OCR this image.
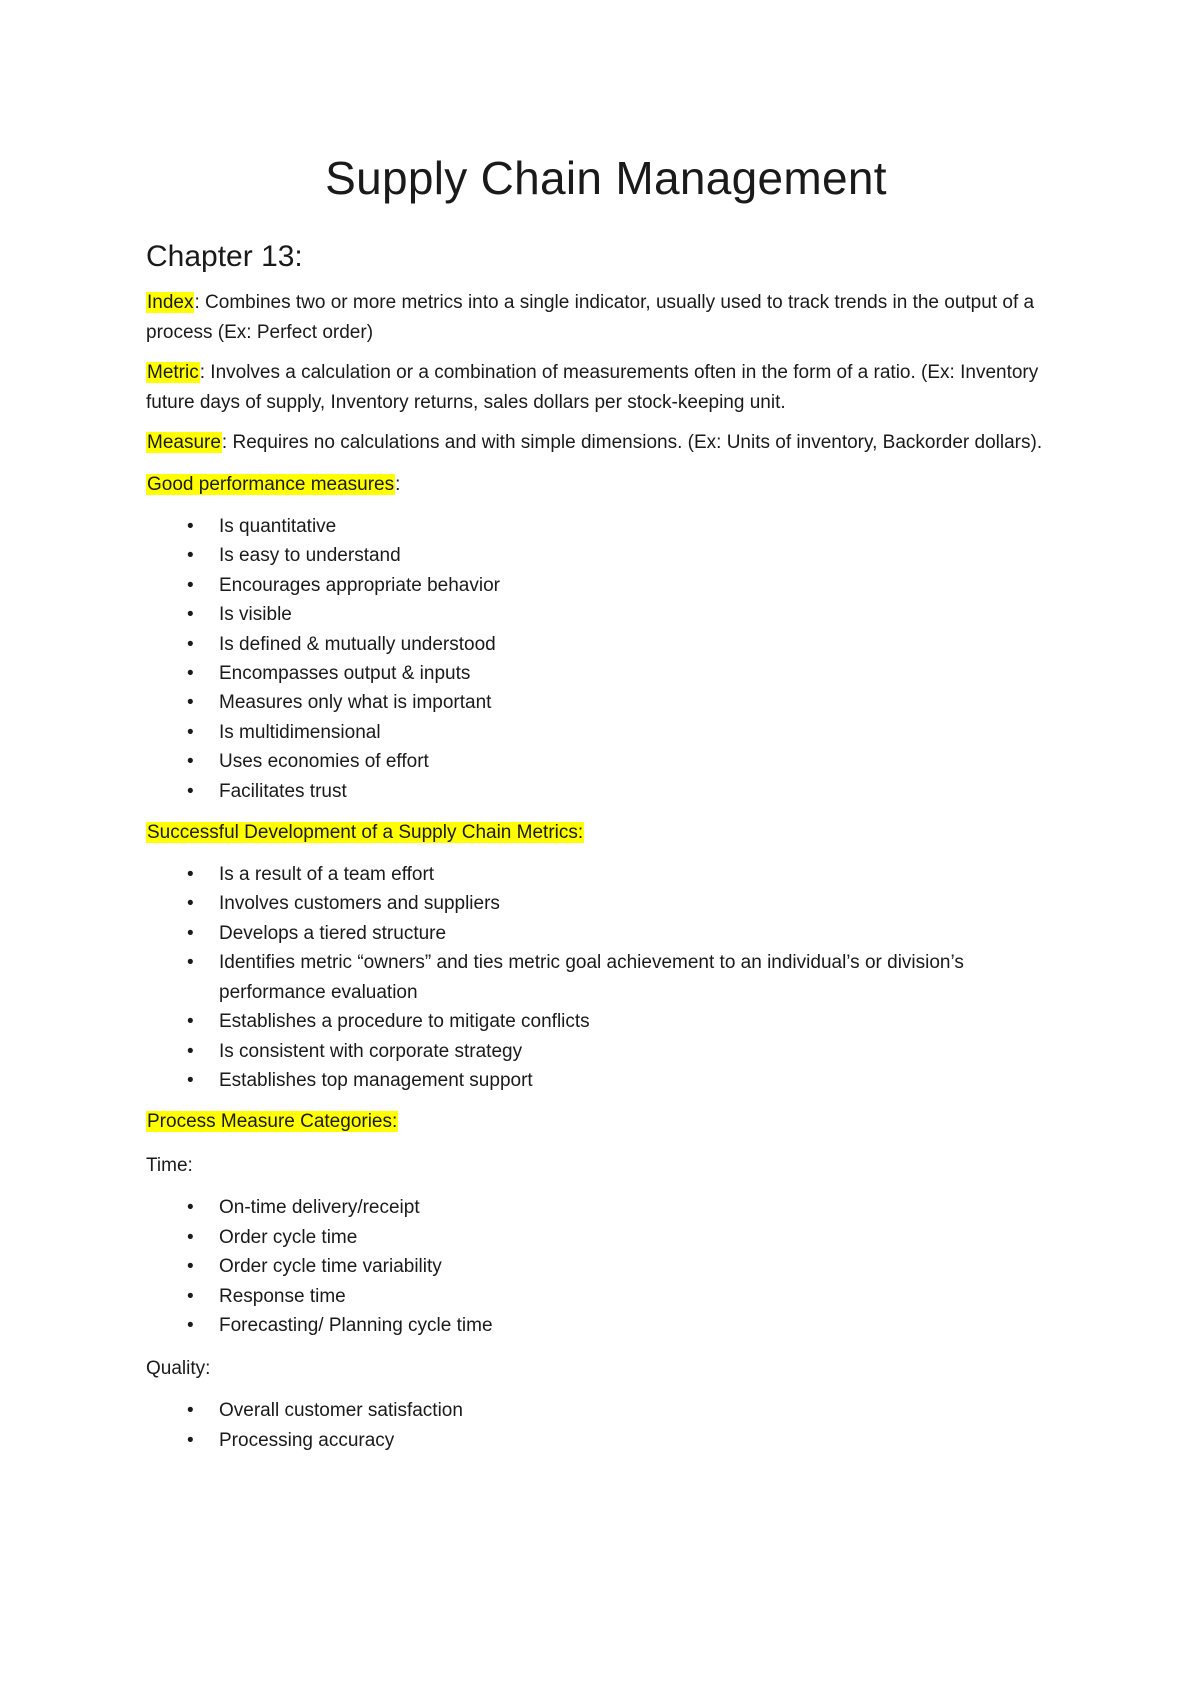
Supply Chain Management
Chapter 13:

Index: Combines two or more metrics into a single indicator, usually used to track trends in the output of a process (Ex: Perfect order)

Metric: Involves a calculation or a combination of measurements often in the form of a ratio. (Ex: Inventory future days of supply, Inventory returns, sales dollars per stock-keeping unit.

Measure: Requires no calculations and with simple dimensions. (Ex: Units of inventory, Backorder dollars).

Good performance measures:

• Is quantitative
• Is easy to understand
• Encourages appropriate behavior
• Is visible
• Is defined & mutually understood
• Encompasses output & inputs
• Measures only what is important
• Is multidimensional
• Uses economies of effort
• Facilitates trust

Successful Development of a Supply Chain Metrics:

• Is a result of a team effort
• Involves customers and suppliers
• Develops a tiered structure
• Identifies metric “owners” and ties metric goal achievement to an individual’s or division’s performance evaluation
• Establishes a procedure to mitigate conflicts
• Is consistent with corporate strategy
• Establishes top management support

Process Measure Categories:

Time:

• On-time delivery/receipt
• Order cycle time
• Order cycle time variability
• Response time
• Forecasting/ Planning cycle time

Quality:

• Overall customer satisfaction
• Processing accuracy
